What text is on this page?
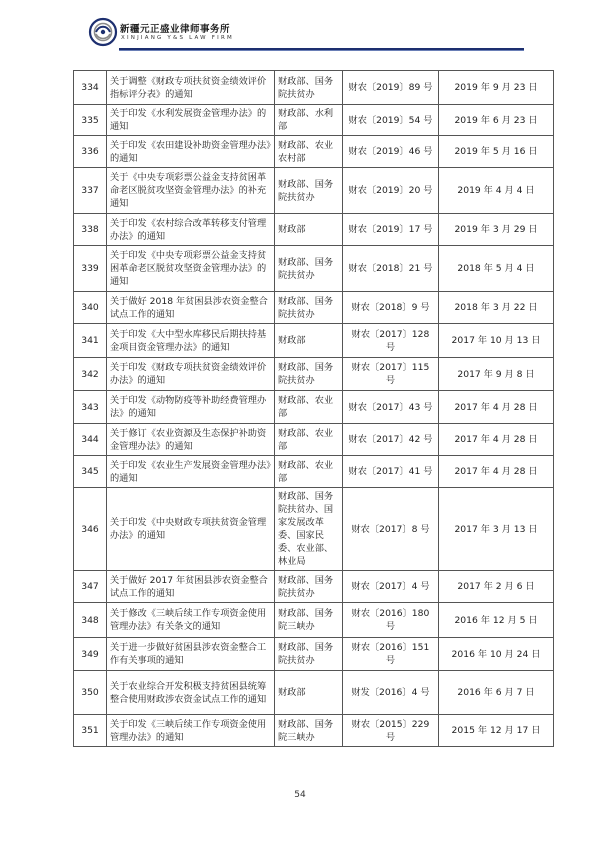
新疆元正盛业律师事务所
XINJIANG Y&S LAW FIRM
334	关于调整《财政专项扶贫资金绩效评价指标评分表》的通知	财政部、国务院扶贫办	财农〔2019〕89 号	2019 年 9 月 23 日
335	关于印发《水利发展资金管理办法》的通知	财政部、水利部	财农〔2019〕54 号	2019 年 6 月 23 日
336	关于印发《农田建设补助资金管理办法》的通知	财政部、农业农村部	财农〔2019〕46 号	2019 年 5 月 16 日
337	关于《中央专项彩票公益金支持贫困革命老区脱贫攻坚资金管理办法》的补充通知	财政部、国务院扶贫办	财农〔2019〕20 号	2019 年 4 月 4 日
338	关于印发《农村综合改革转移支付管理办法》的通知	财政部	财农〔2019〕17 号	2019 年 3 月 29 日
339	关于印发《中央专项彩票公益金支持贫困革命老区脱贫攻坚资金管理办法》的通知	财政部、国务院扶贫办	财农〔2018〕21 号	2018 年 5 月 4 日
340	关于做好 2018 年贫困县涉农资金整合试点工作的通知	财政部、国务院扶贫办	财农〔2018〕9 号	2018 年 3 月 22 日
341	关于印发《大中型水库移民后期扶持基金项目资金管理办法》的通知	财政部	财农〔2017〕128 号	2017 年 10 月 13 日
342	关于印发《财政专项扶贫资金绩效评价办法》的通知	财政部、国务院扶贫办	财农〔2017〕115 号	2017 年 9 月 8 日
343	关于印发《动物防疫等补助经费管理办法》的通知	财政部、农业部	财农〔2017〕43 号	2017 年 4 月 28 日
344	关于修订《农业资源及生态保护补助资金管理办法》的通知	财政部、农业部	财农〔2017〕42 号	2017 年 4 月 28 日
345	关于印发《农业生产发展资金管理办法》的通知	财政部、农业部	财农〔2017〕41 号	2017 年 4 月 28 日
346	关于印发《中央财政专项扶贫资金管理办法》的通知	财政部、国务院扶贫办、国家发展改革委、国家民委、农业部、林业局	财农〔2017〕8 号	2017 年 3 月 13 日
347	关于做好 2017 年贫困县涉农资金整合试点工作的通知	财政部、国务院扶贫办	财农〔2017〕4 号	2017 年 2 月 6 日
348	关于修改《三峡后续工作专项资金使用管理办法》有关条文的通知	财政部、国务院三峡办	财农〔2016〕180 号	2016 年 12 月 5 日
349	关于进一步做好贫困县涉农资金整合工作有关事项的通知	财政部、国务院扶贫办	财农〔2016〕151 号	2016 年 10 月 24 日
350	关于农业综合开发积极支持贫困县统筹整合使用财政涉农资金试点工作的通知	财政部	财发〔2016〕4 号	2016 年 6 月 7 日
351	关于印发《三峡后续工作专项资金使用管理办法》的通知	财政部、国务院三峡办	财农〔2015〕229 号	2015 年 12 月 17 日
54
